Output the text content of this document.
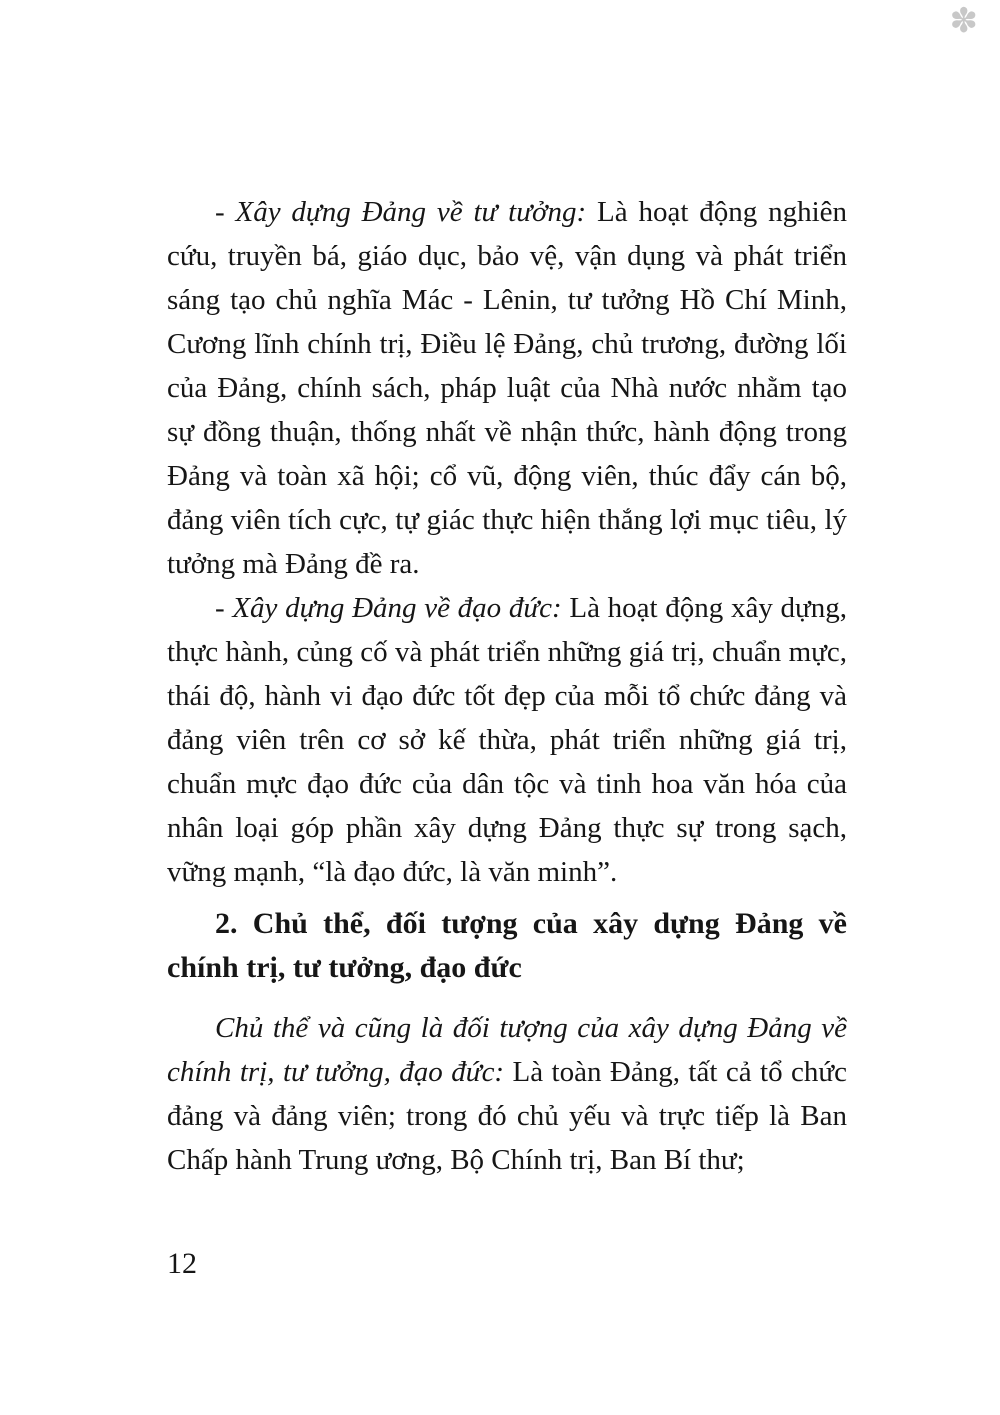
✽

- Xây dựng Đảng về tư tưởng: Là hoạt động nghiên cứu, truyền bá, giáo dục, bảo vệ, vận dụng và phát triển sáng tạo chủ nghĩa Mác - Lênin, tư tưởng Hồ Chí Minh, Cương lĩnh chính trị, Điều lệ Đảng, chủ trương, đường lối của Đảng, chính sách, pháp luật của Nhà nước nhằm tạo sự đồng thuận, thống nhất về nhận thức, hành động trong Đảng và toàn xã hội; cổ vũ, động viên, thúc đẩy cán bộ, đảng viên tích cực, tự giác thực hiện thắng lợi mục tiêu, lý tưởng mà Đảng đề ra.

- Xây dựng Đảng về đạo đức: Là hoạt động xây dựng, thực hành, củng cố và phát triển những giá trị, chuẩn mực, thái độ, hành vi đạo đức tốt đẹp của mỗi tổ chức đảng và đảng viên trên cơ sở kế thừa, phát triển những giá trị, chuẩn mực đạo đức của dân tộc và tinh hoa văn hóa của nhân loại góp phần xây dựng Đảng thực sự trong sạch, vững mạnh, “là đạo đức, là văn minh”.

2. Chủ thể, đối tượng của xây dựng Đảng về chính trị, tư tưởng, đạo đức

Chủ thể và cũng là đối tượng của xây dựng Đảng về chính trị, tư tưởng, đạo đức: Là toàn Đảng, tất cả tổ chức đảng và đảng viên; trong đó chủ yếu và trực tiếp là Ban Chấp hành Trung ương, Bộ Chính trị, Ban Bí thư;

12
